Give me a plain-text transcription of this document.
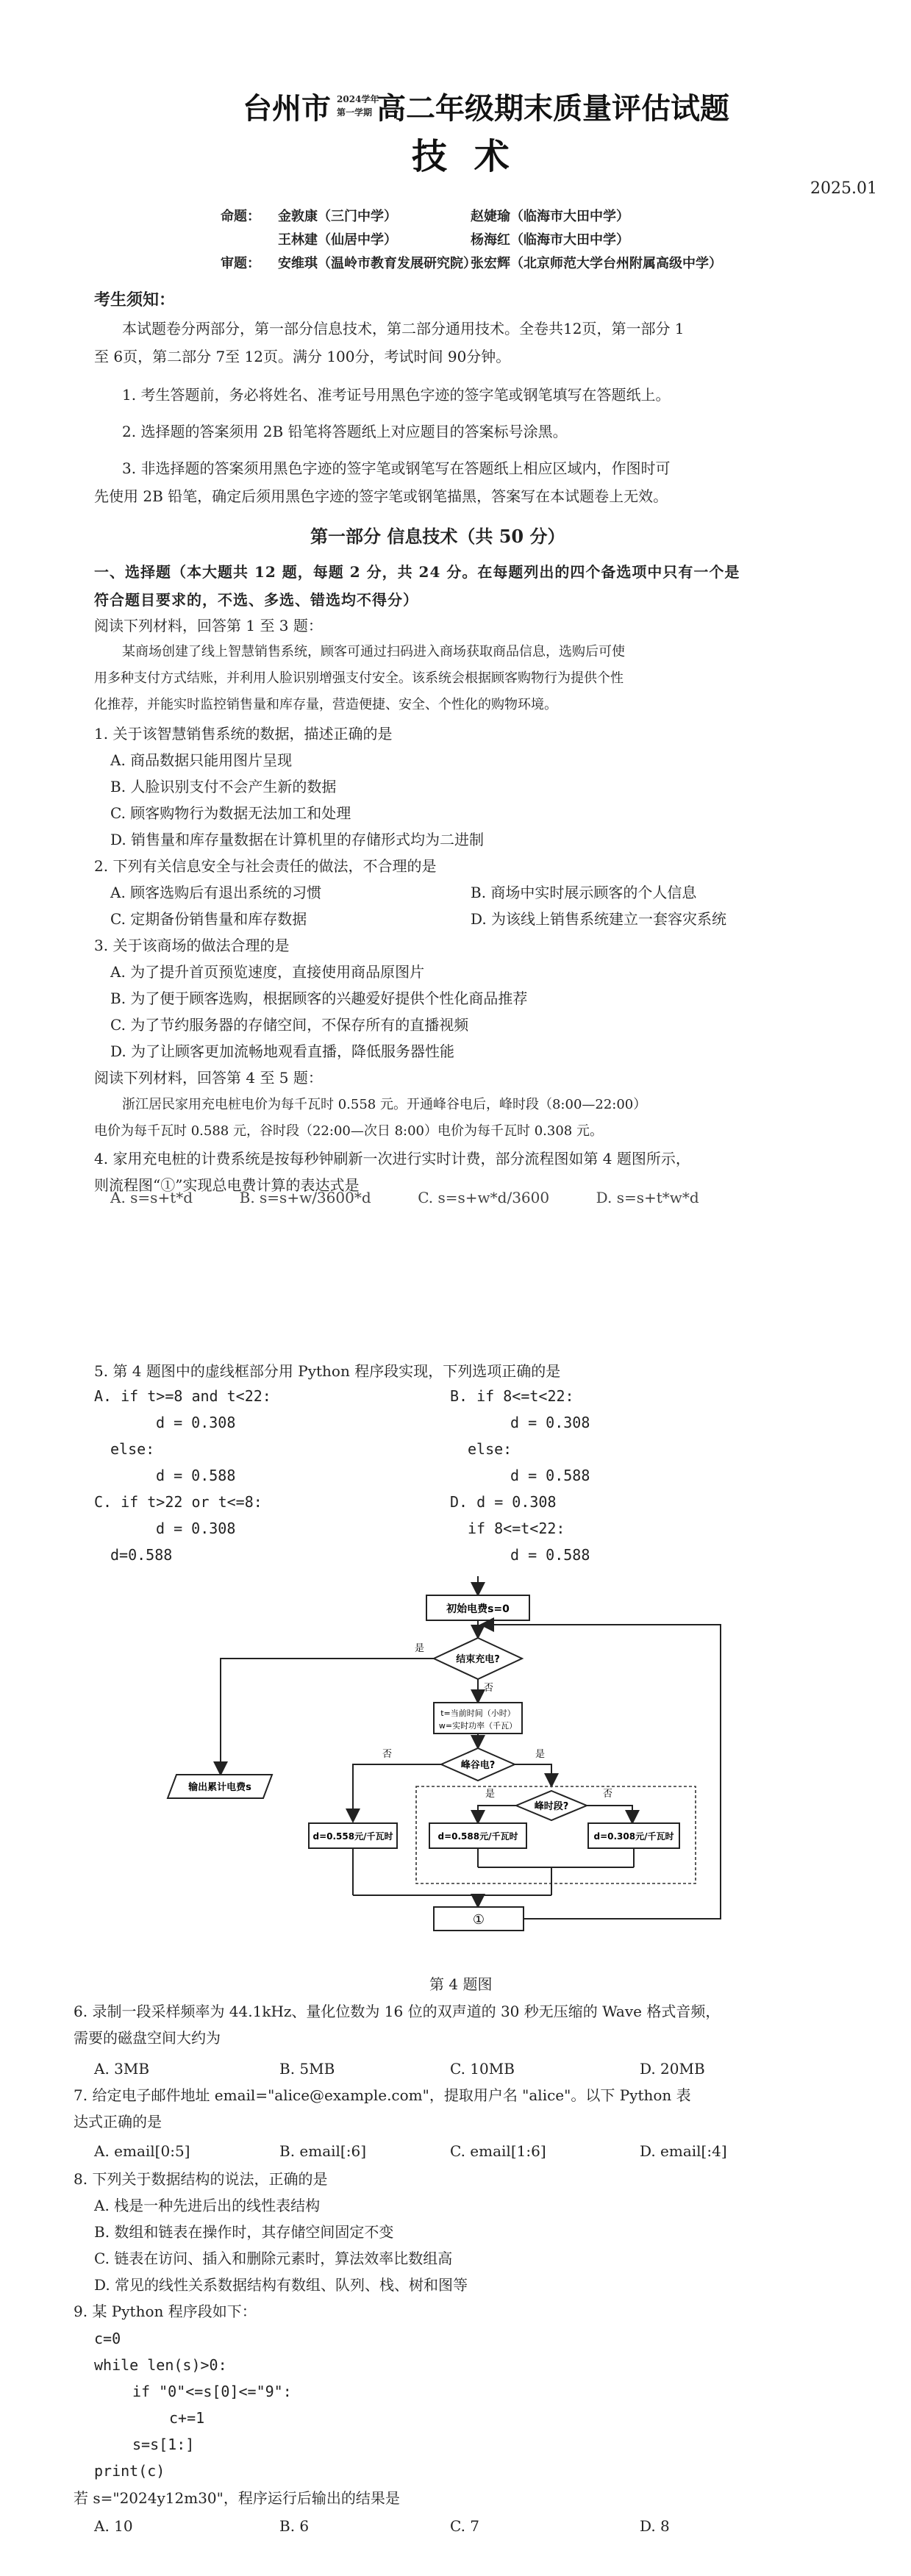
台州市 2024学年
第一学期 高二年级期末质量评估试题
技 术
2025.01
命题： 金敦康（三门中学）	赵婕瑜（临海市大田中学）
王林建（仙居中学）	杨海红（临海市大田中学）
审题： 安维琪（温岭市教育发展研究院）
张宏辉（北京师范大学台州附属高级中学）
考生须知：
本试题卷分两部分，第一部分信息技术，第二部分通用技术。全卷共12页，第一部分 1
至 6页，第二部分 7至 12页。满分 100分，考试时间 90分钟。
1. 考生答题前，务必将姓名、准考证号用黑色字迹的签字笔或钢笔填写在答题纸上。
2. 选择题的答案须用 2B 铅笔将答题纸上对应题目的答案标号涂黑。
3. 非选择题的答案须用黑色字迹的签字笔或钢笔写在答题纸上相应区域内，作图时可
先使用 2B 铅笔，确定后须用黑色字迹的签字笔或钢笔描黑，答案写在本试题卷上无效。
第一部分 信息技术（共 50 分）
一、选择题（本大题共 12 题，每题 2 分，共 24 分。在每题列出的四个备选项中只有一个是
符合题目要求的，不选、多选、错选均不得分）
阅读下列材料，回答第 1 至 3 题：
某商场创建了线上智慧销售系统，顾客可通过扫码进入商场获取商品信息，选购后可使
用多种支付方式结账，并利用人脸识别增强支付安全。该系统会根据顾客购物行为提供个性
化推荐，并能实时监控销售量和库存量，营造便捷、安全、个性化的购物环境。
1. 关于该智慧销售系统的数据，描述正确的是
A. 商品数据只能用图片呈现
B. 人脸识别支付不会产生新的数据
C. 顾客购物行为数据无法加工和处理
D. 销售量和库存量数据在计算机里的存储形式均为二进制
2. 下列有关信息安全与社会责任的做法，不合理的是
A. 顾客选购后有退出系统的习惯	B. 商场中实时展示顾客的个人信息
C. 定期备份销售量和库存数据	D. 为该线上销售系统建立一套容灾系统
3. 关于该商场的做法合理的是
A. 为了提升首页预览速度，直接使用商品原图片
B. 为了便于顾客选购，根据顾客的兴趣爱好提供个性化商品推荐
C. 为了节约服务器的存储空间，不保存所有的直播视频
D. 为了让顾客更加流畅地观看直播，降低服务器性能
阅读下列材料，回答第 4 至 5 题：
浙江居民家用充电桩电价为每千瓦时 0.558 元。开通峰谷电后，峰时段（8:00—22:00）
电价为每千瓦时 0.588 元，谷时段（22:00—次日 8:00）电价为每千瓦时 0.308 元。
4. 家用充电桩的计费系统是按每秒钟刷新一次进行实时计费，部分流程图如第 4 题图所示，
则流程图“①”实现总电费计算的表达式是
A. s=s+t*d          B. s=s+w/3600*d          C. s=s+w*d/3600          D. s=s+t*w*d
5. 第 4 题图中的虚线框部分用 Python 程序段实现，下列选项正确的是
A. if t>=8 and t<22:
d = 0.308
else:
d = 0.588
B. if 8<=t<22:
d = 0.308
else:
d = 0.588
C. if t>22 or t<=8:
d = 0.308
d=0.588
D. d = 0.308
if 8<=t<22:
d = 0.588
初始电费s=0
结束充电?
是
否
t=当前时间（小时）
w=实时功率（千瓦）
峰谷电?
否	是
峰时段?
是	否
输出累计电费s
d=0.558元/千瓦时	d=0.588元/千瓦时	d=0.308元/千瓦时
①
第 4 题图
6. 录制一段采样频率为 44.1kHz、量化位数为 16 位的双声道的 30 秒无压缩的 Wave 格式音频，
需要的磁盘空间大约为
A. 3MB	B. 5MB	C. 10MB	D. 20MB
7. 给定电子邮件地址 email="alice@example.com"，提取用户名 "alice"。以下 Python 表
达式正确的是
A. email[0:5]	B. email[:6]	C. email[1:6]	D. email[:4]
8. 下列关于数据结构的说法，正确的是
A. 栈是一种先进后出的线性表结构
B. 数组和链表在操作时，其存储空间固定不变
C. 链表在访问、插入和删除元素时，算法效率比数组高
D. 常见的线性关系数据结构有数组、队列、栈、树和图等
9. 某 Python 程序段如下：
c=0
while len(s)>0:
if "0"<=s[0]<="9":
c+=1
s=s[1:]
print(c)
若 s="2024y12m30"，程序运行后输出的结果是
A. 10	B. 6	C. 7	D. 8
